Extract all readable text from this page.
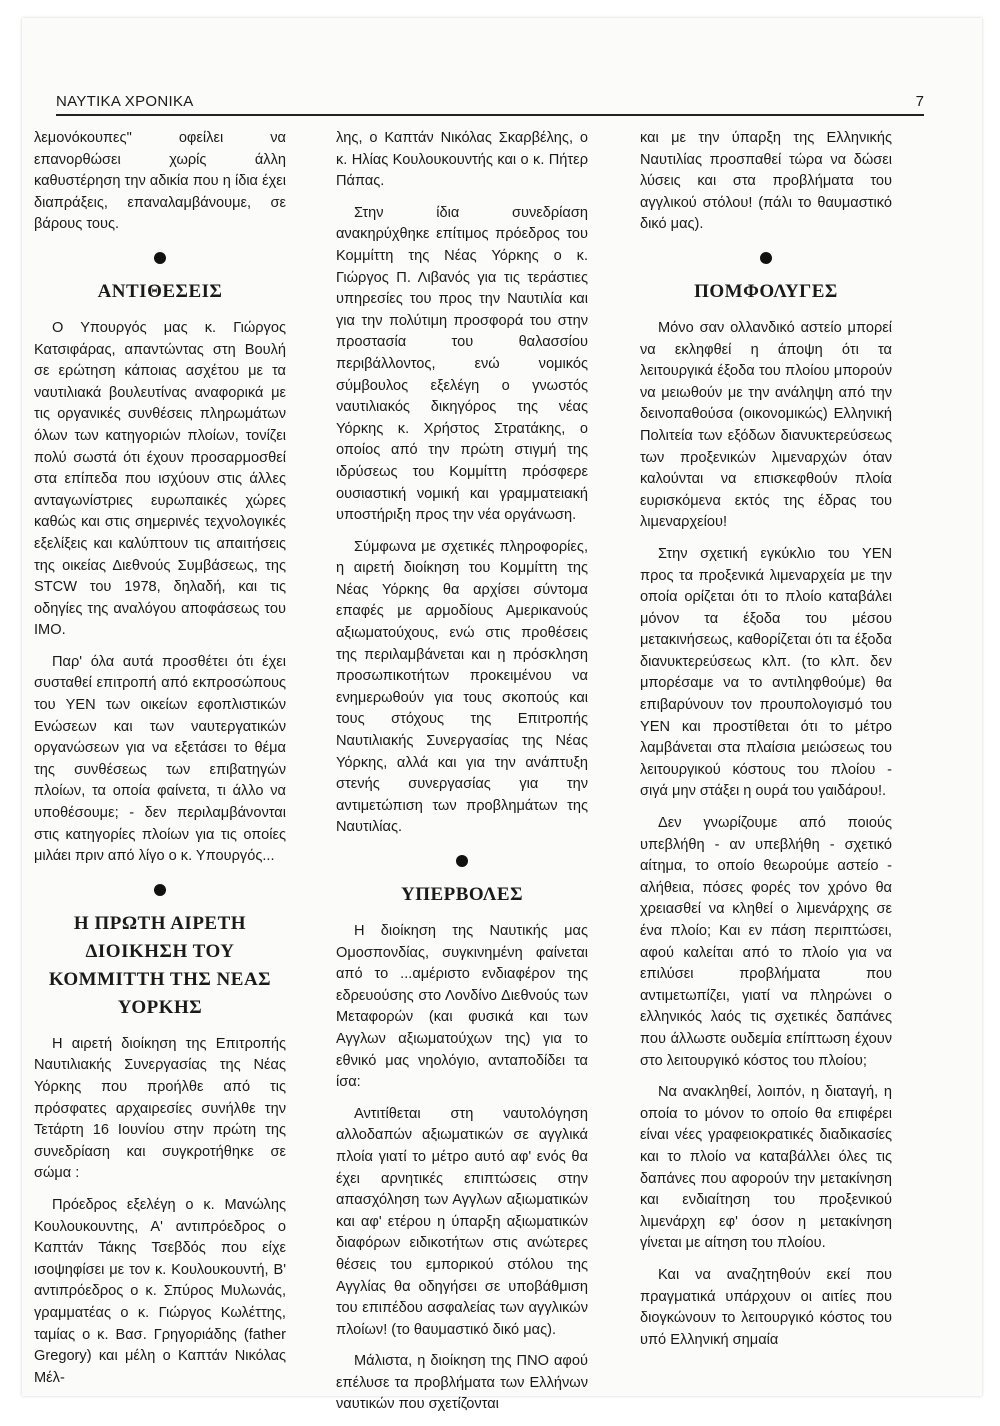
ΝΑΥΤΙΚΑ ΧΡΟΝΙΚΑ	7

λεμονόκουπες" οφείλει να επανορθώσει χωρίς άλλη καθυστέρηση την αδικία που η ίδια έχει διαπράξεις, επαναλαμβάνουμε, σε βάρους τους.

ΑΝΤΙΘΕΣΕΙΣ

Ο Υπουργός μας κ. Γιώργος Κατσιφάρας, απαντώντας στη Βουλή σε ερώτηση κάποιας ασχέτου με τα ναυτιλιακά βουλευτίνας αναφορικά με τις οργανικές συνθέσεις πληρωμάτων όλων των κατηγοριών πλοίων, τονίζει πολύ σωστά ότι έχουν προσαρμοσθεί στα επίπεδα που ισχύουν στις άλλες ανταγωνίστριες ευρωπαικές χώρες καθώς και στις σημερινές τεχνολογικές εξελίξεις και καλύπτουν τις απαιτήσεις της οικείας Διεθνούς Συμβάσεως, της STCW του 1978, δηλαδή, και τις οδηγίες της αναλόγου αποφάσεως του ΙΜΟ.

Παρ' όλα αυτά προσθέτει ότι έχει συσταθεί επιτροπή από εκπροσώπους του ΥΕΝ των οικείων εφοπλιστικών Ενώσεων και των ναυτεργατικών οργανώσεων για να εξετάσει το θέμα της συνθέσεως των επιβατηγών πλοίων, τα οποία φαίνετα, τι άλλο να υποθέσουμε; - δεν περιλαμβάνονται στις κατηγορίες πλοίων για τις οποίες μιλάει πριν από λίγο ο κ. Υπουργός...

Η ΠΡΩΤΗ ΑΙΡΕΤΗ ΔΙΟΙΚΗΣΗ ΤΟΥ ΚΟΜΜΙΤΤΗ ΤΗΣ ΝΕΑΣ ΥΟΡΚΗΣ

Η αιρετή διοίκηση της Επιτροπής Ναυτιλιακής Συνεργασίας της Νέας Υόρκης που προήλθε από τις πρόσφατες αρχαιρεσίες συνήλθε την Τετάρτη 16 Ιουνίου στην πρώτη της συνεδρίαση και συγκροτήθηκε σε σώμα :

Πρόεδρος εξελέγη ο κ. Μανώλης Κουλουκουντης, Α' αντιπρόεδρος ο Καπτάν Τάκης Τσεβδός που είχε ισοψηφίσει με τον κ. Κουλουκουντή, Β' αντιπρόεδρος ο κ. Σπύρος Μυλωνάς, γραμματέας ο κ. Γιώργος Κωλέττης, ταμίας ο κ. Βασ. Γρηγοριάδης (father Gregory) και μέλη ο Καπτάν Νικόλας Μέλ-

λης, ο Καπτάν Νικόλας Σκαρβέλης, ο κ. Ηλίας Κουλουκουντής και ο κ. Πήτερ Πάπας.

Στην ίδια συνεδρίαση ανακηρύχθηκε επίτιμος πρόεδρος του Κομμίττη της Νέας Υόρκης ο κ. Γιώργος Π. Λιβανός για τις τεράστιες υπηρεσίες του προς την Ναυτιλία και για την πολύτιμη προσφορά του στην προστασία του θαλασσίου περιβάλλοντος, ενώ νομικός σύμβουλος εξελέγη ο γνωστός ναυτιλιακός δικηγόρος της νέας Υόρκης κ. Χρήστος Στρατάκης, ο οποίος από την πρώτη στιγμή της ιδρύσεως του Κομμίττη πρόσφερε ουσιαστική νομική και γραμματειακή υποστήριξη προς την νέα οργάνωση.

Σύμφωνα με σχετικές πληροφορίες, η αιρετή διοίκηση του Κομμίττη της Νέας Υόρκης θα αρχίσει σύντομα επαφές με αρμοδίους Αμερικανούς αξιωματούχους, ενώ στις προθέσεις της περιλαμβάνεται και η πρόσκληση προσωπικοτήτων προκειμένου να ενημερωθούν για τους σκοπούς και τους στόχους της Επιτροπής Ναυτιλιακής Συνεργασίας της Νέας Υόρκης, αλλά και για την ανάπτυξη στενής συνεργασίας για την αντιμετώπιση των προβλημάτων της Ναυτιλίας.

ΥΠΕΡΒΟΛΕΣ

Η διοίκηση της Ναυτικής μας Ομοσπονδίας, συγκινημένη φαίνεται από το ...αμέριστο ενδιαφέρον της εδρευούσης στο Λονδίνο Διεθνούς των Μεταφορών (και φυσικά και των Αγγλων αξιωματούχων της) για το εθνικό μας νηολόγιο, ανταποδίδει τα ίσα:

Αντιτίθεται στη ναυτολόγηση αλλοδαπών αξιωματικών σε αγγλικά πλοία γιατί το μέτρο αυτό αφ' ενός θα έχει αρνητικές επιπτώσεις στην απασχόληση των Αγγλων αξιωματικών και αφ' ετέρου η ύπαρξη αξιωματικών διαφόρων ειδικοτήτων στις ανώτερες θέσεις του εμπορικού στόλου της Αγγλίας θα οδηγήσει σε υποβάθμιση του επιπέδου ασφαλείας των αγγλικών πλοίων! (το θαυμαστικό δικό μας).

Μάλιστα, η διοίκηση της ΠΝΟ αφού επέλυσε τα προβλήματα των Ελλήνων ναυτικών που σχετίζονται

και με την ύπαρξη της Ελληνικής Ναυτιλίας προσπαθεί τώρα να δώσει λύσεις και στα προβλήματα του αγγλικού στόλου! (πάλι το θαυμαστικό δικό μας).

ΠΟΜΦΟΛΥΓΕΣ

Μόνο σαν ολλανδικό αστείο μπορεί να εκληφθεί η άποψη ότι τα λειτουργικά έξοδα του πλοίου μπορούν να μειωθούν με την ανάληψη από την δεινοπαθούσα (οικονομικώς) Ελληνική Πολιτεία των εξόδων διανυκτερεύσεως των προξενικών λιμεναρχών όταν καλούνται να επισκεφθούν πλοία ευρισκόμενα εκτός της έδρας του λιμεναρχείου!

Στην σχετική εγκύκλιο του ΥΕΝ προς τα προξενικά λιμεναρχεία με την οποία ορίζεται ότι το πλοίο καταβάλει μόνον τα έξοδα του μέσου μετακινήσεως, καθορίζεται ότι τα έξοδα διανυκτερεύσεως κλπ. (το κλπ. δεν μπορέσαμε να το αντιληφθούμε) θα επιβαρύνουν τον προυπολογισμό του ΥΕΝ και προστίθεται ότι το μέτρο λαμβάνεται στα πλαίσια μειώσεως του λειτουργικού κόστους του πλοίου - σιγά μην στάξει η ουρά του γαιδάρου!.

Δεν γνωρίζουμε από ποιούς υπεβλήθη - αν υπεβλήθη - σχετικό αίτημα, το οποίο θεωρούμε αστείο - αλήθεια, πόσες φορές τον χρόνο θα χρειασθεί να κληθεί ο λιμενάρχης σε ένα πλοίο; Και εν πάση περιπτώσει, αφού καλείται από το πλοίο για να επιλύσει προβλήματα που αντιμετωπίζει, γιατί να πληρώνει ο ελληνικός λαός τις σχετικές δαπάνες που άλλωστε ουδεμία επίπτωση έχουν στο λειτουργικό κόστος του πλοίου;

Να ανακληθεί, λοιπόν, η διαταγή, η οποία το μόνον το οποίο θα επιφέρει είναι νέες γραφειοκρατικές διαδικασίες και το πλοίο να καταβάλλει όλες τις δαπάνες που αφορούν την μετακίνηση και ενδιαίτηση του προξενικού λιμενάρχη εφ' όσον η μετακίνηση γίνεται με αίτηση του πλοίου.

Και να αναζητηθούν εκεί που πραγματικά υπάρχουν οι αιτίες που διογκώνουν το λειτουργικό κόστος του υπό Ελληνική σημαία
